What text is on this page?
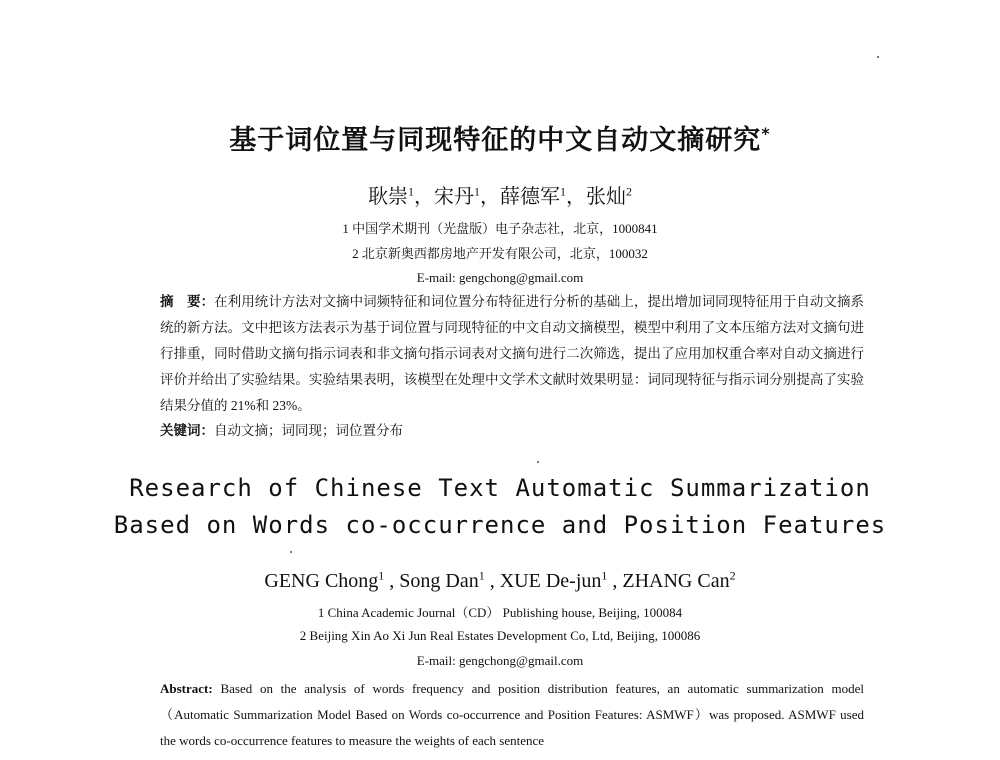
基于词位置与同现特征的中文自动文摘研究*
耿崇$^1$，宋丹$^1$，薛德军$^1$，张灿$^2$
1 中国学术期刊（光盘版）电子杂志社，北京，1000841
2 北京新奥西都房地产开发有限公司，北京，100032
E-mail: gengchong@gmail.com
摘　要：在利用统计方法对文摘中词频特征和词位置分布特征进行分析的基础上，提出增加词同现特征用于自动文摘系统的新方法。文中把该方法表示为基于词位置与同现特征的中文自动文摘模型，模型中利用了文本压缩方法对文摘句进行排重，同时借助文摘句指示词表和非文摘句指示词表对文摘句进行二次筛选，提出了应用加权重合率对自动文摘进行评价并给出了实验结果。实验结果表明，该模型在处理中文学术文献时效果明显：词同现特征与指示词分别提高了实验结果分值的 21%和 23%。
关键词：自动文摘；词同现；词位置分布
Research of Chinese Text Automatic Summarization
Based on Words co-occurrence and Position Features
GENG Chong$^1$ , Song Dan$^1$ , XUE De-jun$^1$ , ZHANG Can$^2$
1 China Academic Journal（CD） Publishing house, Beijing, 100084
2 Beijing Xin Ao Xi Jun Real Estates Development Co, Ltd, Beijing, 100086
E-mail: gengchong@gmail.com
Abstract: Based on the analysis of words frequency and position distribution features, an automatic summarization model（Automatic Summarization Model Based on Words co-occurrence and Position Features: ASMWF）was proposed. ASMWF used the words co-occurrence features to measure the weights of each sentence
